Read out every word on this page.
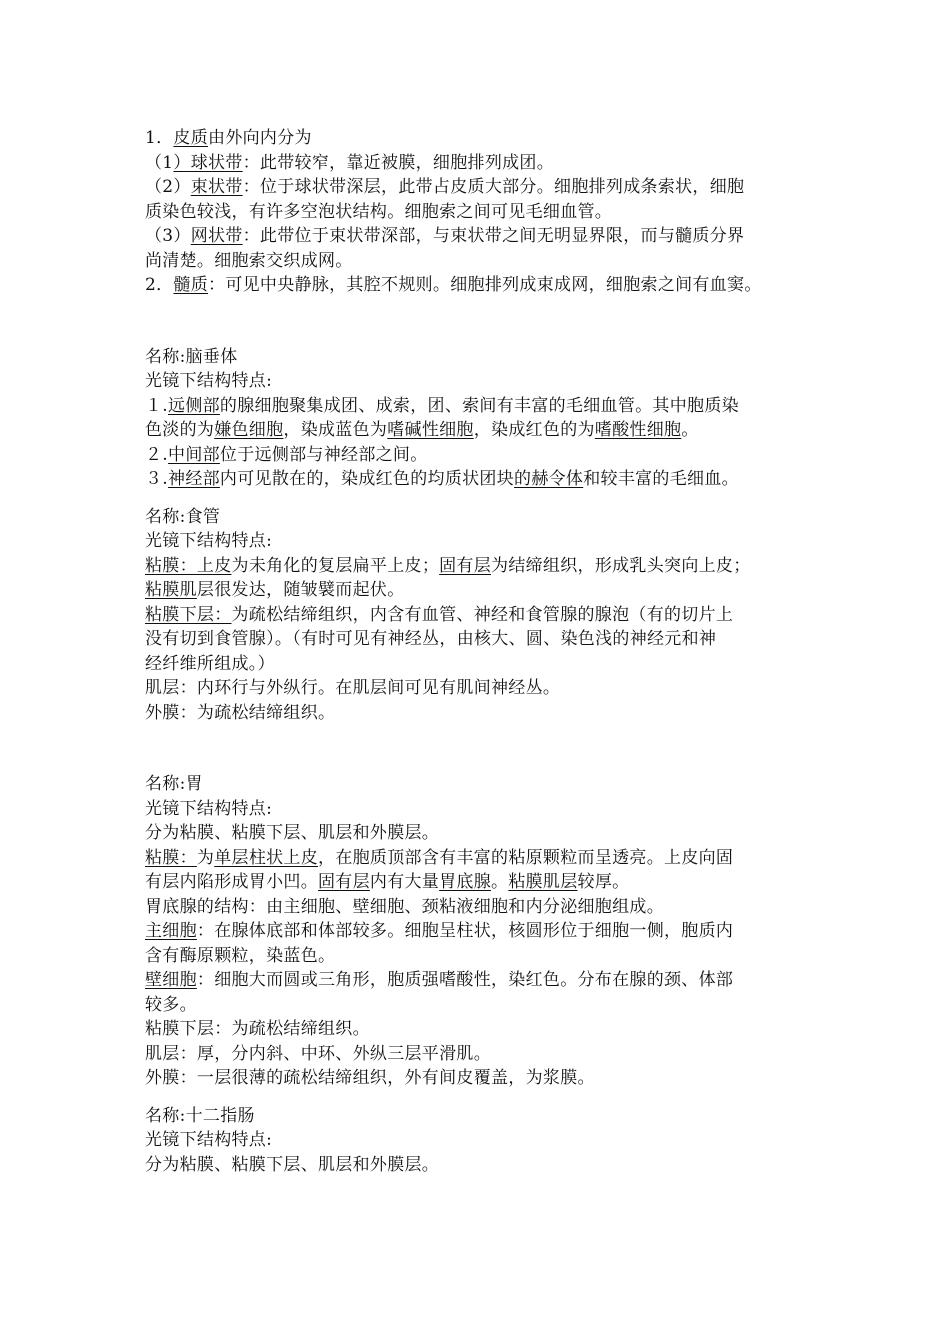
1．皮质由外向内分为
（1）球状带：此带较窄，靠近被膜，细胞排列成团。
（2）束状带：位于球状带深层，此带占皮质大部分。细胞排列成条索状，细胞
质染色较浅，有许多空泡状结构。细胞索之间可见毛细血管。
（3）网状带：此带位于束状带深部，与束状带之间无明显界限，而与髓质分界
尚清楚。细胞索交织成网。
2．髓质：可见中央静脉，其腔不规则。细胞排列成束成网，细胞索之间有血窦。
名称:脑垂体
光镜下结构特点:
１.远侧部的腺细胞聚集成团、成索，团、索间有丰富的毛细血管。其中胞质染
色淡的为嫌色细胞，染成蓝色为嗜碱性细胞，染成红色的为嗜酸性细胞。
２.中间部位于远侧部与神经部之间。
３.神经部内可见散在的，染成红色的均质状团块的赫令体和较丰富的毛细血。
名称:食管
光镜下结构特点:
粘膜：上皮为未角化的复层扁平上皮；固有层为结缔组织，形成乳头突向上皮；
粘膜肌层很发达，随皱襞而起伏。
粘膜下层：为疏松结缔组织，内含有血管、神经和食管腺的腺泡（有的切片上
没有切到食管腺）。（有时可见有神经丛，由核大、圆、染色浅的神经元和神
经纤维所组成。）
肌层：内环行与外纵行。在肌层间可见有肌间神经丛。
外膜：为疏松结缔组织。
名称:胃
光镜下结构特点:
分为粘膜、粘膜下层、肌层和外膜层。
粘膜：为单层柱状上皮，在胞质顶部含有丰富的粘原颗粒而呈透亮。上皮向固
有层内陷形成胃小凹。固有层内有大量胃底腺。粘膜肌层较厚。
胃底腺的结构：由主细胞、壁细胞、颈粘液细胞和内分泌细胞组成。
主细胞：在腺体底部和体部较多。细胞呈柱状，核圆形位于细胞一侧，胞质内
含有酶原颗粒，染蓝色。
壁细胞：细胞大而圆或三角形，胞质强嗜酸性，染红色。分布在腺的颈、体部
较多。
粘膜下层：为疏松结缔组织。
肌层：厚，分内斜、中环、外纵三层平滑肌。
外膜：一层很薄的疏松结缔组织，外有间皮覆盖，为浆膜。
名称:十二指肠
光镜下结构特点:
分为粘膜、粘膜下层、肌层和外膜层。
